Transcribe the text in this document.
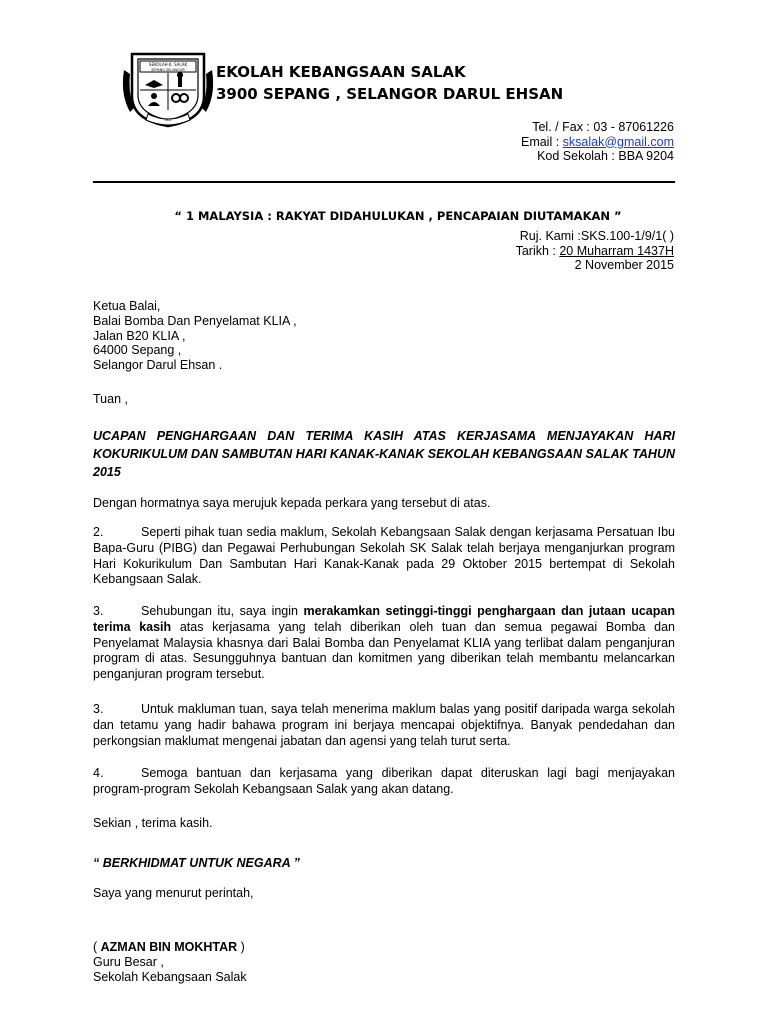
SEKOLAH K. SALAK
SEPANG SELANGOR
SKS
EKOLAH KEBANGSAAN SALAK
3900 SEPANG , SELANGOR DARUL EHSAN
Tel. / Fax : 03 - 87061226
Email : sksalak@gmail.com
Kod Sekolah : BBA 9204
“ 1 MALAYSIA : RAKYAT DIDAHULUKAN , PENCAPAIAN DIUTAMAKAN ”
Ruj. Kami :SKS.100-1/9/1( )
Tarikh : 20 Muharram 1437H
2 November 2015
Ketua Balai,
Balai Bomba Dan Penyelamat KLIA ,
Jalan B20 KLIA ,
64000 Sepang ,
Selangor Darul Ehsan .
Tuan ,
UCAPAN PENGHARGAAN DAN TERIMA KASIH ATAS KERJASAMA MENJAYAKAN HARI KOKURIKULUM DAN SAMBUTAN HARI KANAK-KANAK SEKOLAH KEBANGSAAN SALAK TAHUN 2015
Dengan hormatnya saya merujuk kepada perkara yang tersebut di atas.
2.	Seperti pihak tuan sedia maklum, Sekolah Kebangsaan Salak dengan kerjasama Persatuan Ibu Bapa-Guru (PIBG) dan Pegawai Perhubungan Sekolah SK Salak telah berjaya menganjurkan program Hari Kokurikulum Dan Sambutan Hari Kanak-Kanak pada 29 Oktober 2015 bertempat di Sekolah Kebangsaan Salak.
3.	Sehubungan itu, saya ingin merakamkan setinggi-tinggi penghargaan dan jutaan ucapan terima kasih atas kerjasama yang telah diberikan oleh tuan dan semua pegawai Bomba dan Penyelamat Malaysia khasnya dari Balai Bomba dan Penyelamat KLIA yang terlibat dalam penganjuran program di atas. Sesungguhnya bantuan dan komitmen yang diberikan telah membantu melancarkan penganjuran program tersebut.
3.	Untuk makluman tuan, saya telah menerima maklum balas yang positif daripada warga sekolah dan tetamu yang hadir bahawa program ini berjaya mencapai objektifnya. Banyak pendedahan dan perkongsian maklumat mengenai jabatan dan agensi yang telah turut serta.
4.	Semoga bantuan dan kerjasama yang diberikan dapat diteruskan lagi bagi menjayakan program-program Sekolah Kebangsaan Salak yang akan datang.
Sekian , terima kasih.
“ BERKHIDMAT UNTUK NEGARA ”
Saya yang menurut perintah,
( AZMAN BIN MOKHTAR )
Guru Besar ,
Sekolah Kebangsaan Salak
